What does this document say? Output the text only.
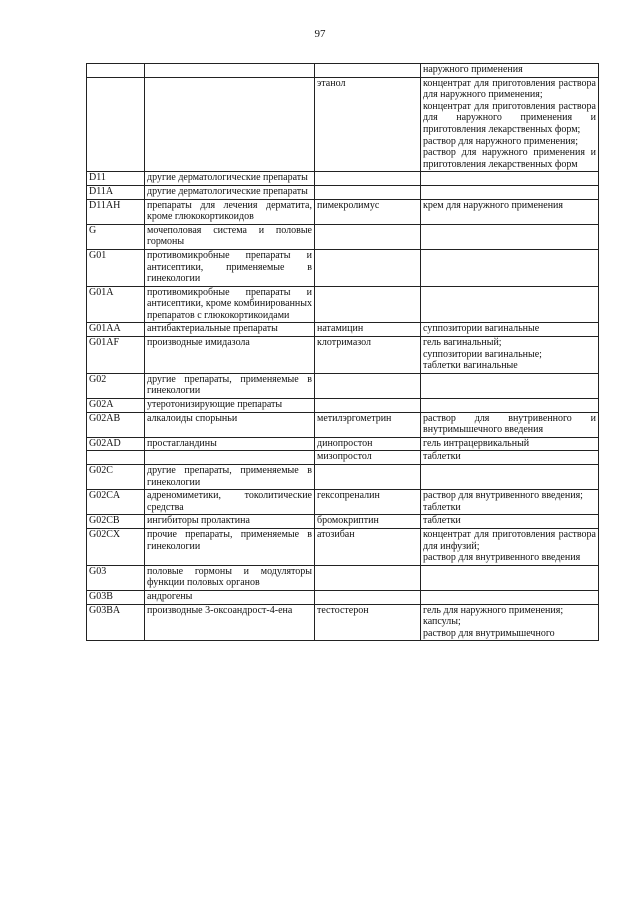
97

			наружного применения

		этанол	концентрат для приготовления раствора для наружного применения;
концентрат для приготовления раствора для наружного применения и приготовления лекарственных форм;
раствор для наружного применения;
раствор для наружного применения и приготовления лекарственных форм

D11	другие дерматологические препараты		
D11A	другие дерматологические препараты		
D11AH	препараты для лечения дерматита, кроме глюкокортикоидов	пимекролимус	крем для наружного применения

G	мочеполовая система и половые гормоны		
G01	противомикробные препараты и антисептики, применяемые в гинекологии		
G01A	противомикробные препараты и антисептики, кроме комбинированных препаратов с глюкокортикоидами		
G01AA	антибактериальные препараты	натамицин	суппозитории вагинальные

G01AF	производные имидазола	клотримазол	гель вагинальный;
суппозитории вагинальные;
таблетки вагинальные

G02	другие препараты, применяемые в гинекологии		
G02A	утеротонизирующие препараты		
G02AB	алкалоиды спорыньи	метилэргометрин	раствор для внутривенного и внутримышечного введения

G02AD	простагландины	динопростон	гель интрацервикальный

		мизопростол	таблетки

G02C	другие препараты, применяемые в гинекологии		
G02CA	адреномиметики, токолитические средства	гексопреналин	раствор для внутривенного введения;
таблетки

G02CB	ингибиторы пролактина	бромокриптин	таблетки

G02CX	прочие препараты, применяемые в гинекологии	атозибан	концентрат для приготовления раствора для инфузий;
раствор для внутривенного введения

G03	половые гормоны и модуляторы функции половых органов		
G03B	андрогены		
G03BA	производные 3-оксоандрост-4-ена	тестостерон	гель для наружного применения;
капсулы;
раствор для внутримышечного
